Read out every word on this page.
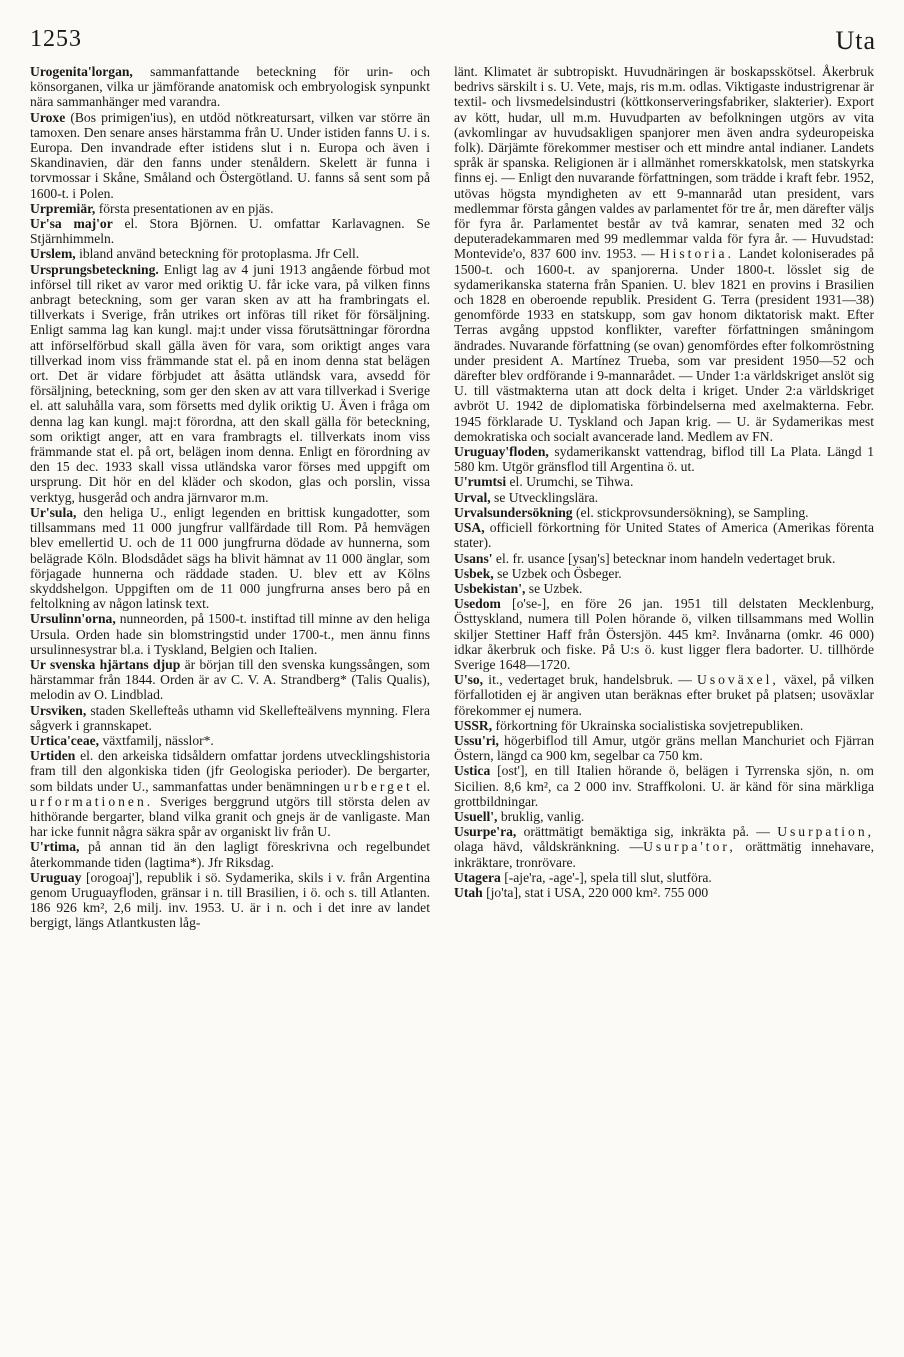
1253	Uta

Urogenita'lorgan, sammanfattande beteckning för urin- och könsorganen, vilka ur jämförande anatomisk och embryologisk synpunkt nära sammanhänger med varandra.

Uroxe (Bos primigen'ius), en utdöd nötkreatursart, vilken var större än tamoxen. Den senare anses härstamma från U. Under istiden fanns U. i s. Europa. Den invandrade efter istidens slut i n. Europa och även i Skandinavien, där den fanns under stenåldern. Skelett är funna i torvmossar i Skåne, Småland och Östergötland. U. fanns så sent som på 1600-t. i Polen.

Urpremiär, första presentationen av en pjäs.

Ur'sa maj'or el. Stora Björnen. U. omfattar Karlavagnen. Se Stjärnhimmeln.

Urslem, ibland använd beteckning för protoplasma. Jfr Cell.

Ursprungsbeteckning. Enligt lag av 4 juni 1913 angående förbud mot införsel till riket av varor med oriktig U. får icke vara, på vilken finns anbragt beteckning, som ger varan sken av att ha frambringats el. tillverkats i Sverige, från utrikes ort införas till riket för försäljning. Enligt samma lag kan kungl. maj:t under vissa förutsättningar förordna att införselförbud skall gälla även för vara, som oriktigt anges vara tillverkad inom viss främmande stat el. på en inom denna stat belägen ort. Det är vidare förbjudet att åsätta utländsk vara, avsedd för försäljning, beteckning, som ger den sken av att vara tillverkad i Sverige el. att saluhålla vara, som försetts med dylik oriktig U. Även i fråga om denna lag kan kungl. maj:t förordna, att den skall gälla för beteckning, som oriktigt anger, att en vara frambragts el. tillverkats inom viss främmande stat el. på ort, belägen inom denna. Enligt en förordning av den 15 dec. 1933 skall vissa utländska varor förses med uppgift om ursprung. Dit hör en del kläder och skodon, glas och porslin, vissa verktyg, husgeråd och andra järnvaror m.m.

Ur'sula, den heliga U., enligt legenden en brittisk kungadotter, som tillsammans med 11 000 jungfrur vallfärdade till Rom. På hemvägen blev emellertid U. och de 11 000 jungfrurna dödade av hunnerna, som belägrade Köln. Blodsdådet sägs ha blivit hämnat av 11 000 änglar, som förjagade hunnerna och räddade staden. U. blev ett av Kölns skyddshelgon. Uppgiften om de 11 000 jungfrurna anses bero på en feltolkning av någon latinsk text.

Ursulinn'orna, nunneorden, på 1500-t. instiftad till minne av den heliga Ursula. Orden hade sin blomstringstid under 1700-t., men ännu finns ursulinnesystrar bl.a. i Tyskland, Belgien och Italien.

Ur svenska hjärtans djup är början till den svenska kungssången, som härstammar från 1844. Orden är av C. V. A. Strandberg* (Talis Qualis), melodin av O. Lindblad.

Ursviken, staden Skellefteås uthamn vid Skellefteälvens mynning. Flera sågverk i grannskapet.

Urtica'ceae, växtfamilj, nässlor*.

Urtiden el. den arkeiska tidsåldern omfattar jordens utvecklingshistoria fram till den algonkiska tiden (jfr Geologiska perioder). De bergarter, som bildats under U., sammanfattas under benämningen urberget el. urformationen. Sveriges berggrund utgörs till största delen av hithörande bergarter, bland vilka granit och gnejs är de vanligaste. Man har icke funnit några säkra spår av organiskt liv från U.

U'rtima, på annan tid än den lagligt föreskrivna och regelbundet återkommande tiden (lagtima*). Jfr Riksdag.

Uruguay [orogoaj'], republik i sö. Sydamerika, skils i v. från Argentina genom Uruguayfloden, gränsar i n. till Brasilien, i ö. och s. till Atlanten. 186 926 km², 2,6 milj. inv. 1953. U. är i n. och i det inre av landet bergigt, längs Atlantkusten låg-

länt. Klimatet är subtropiskt. Huvudnäringen är boskapsskötsel. Åkerbruk bedrivs särskilt i s. U. Vete, majs, ris m.m. odlas. Viktigaste industrigrenar är textil- och livsmedelsindustri (köttkonserveringsfabriker, slakterier). Export av kött, hudar, ull m.m. Huvudparten av befolkningen utgörs av vita (avkomlingar av huvudsakligen spanjorer men även andra sydeuropeiska folk). Därjämte förekommer mestiser och ett mindre antal indianer. Landets språk är spanska. Religionen är i allmänhet romerskkatolsk, men statskyrka finns ej. — Enligt den nuvarande författningen, som trädde i kraft febr. 1952, utövas högsta myndigheten av ett 9-mannaråd utan president, vars medlemmar första gången valdes av parlamentet för tre år, men därefter väljs för fyra år. Parlamentet består av två kamrar, senaten med 32 och deputeradekammaren med 99 medlemmar valda för fyra år. — Huvudstad: Montevide'o, 837 600 inv. 1953. — Historia. Landet koloniserades på 1500-t. och 1600-t. av spanjorerna. Under 1800-t. lösslet sig de sydamerikanska staterna från Spanien. U. blev 1821 en provins i Brasilien och 1828 en oberoende republik. President G. Terra (president 1931—38) genomförde 1933 en statskupp, som gav honom diktatorisk makt. Efter Terras avgång uppstod konflikter, varefter författningen småningom ändrades. Nuvarande författning (se ovan) genomfördes efter folkomröstning under president A. Martínez Trueba, som var president 1950—52 och därefter blev ordförande i 9-mannarådet. — Under 1:a världskriget anslöt sig U. till västmakterna utan att dock delta i kriget. Under 2:a världskriget avbröt U. 1942 de diplomatiska förbindelserna med axelmakterna. Febr. 1945 förklarade U. Tyskland och Japan krig. — U. är Sydamerikas mest demokratiska och socialt avancerade land. Medlem av FN.

Uruguay'floden, sydamerikanskt vattendrag, biflod till La Plata. Längd 1 580 km. Utgör gränsflod till Argentina ö. ut.

U'rumtsi el. Urumchi, se Tihwa.

Urval, se Utvecklingslära.

Urvalsundersökning (el. stickprovsundersökning), se Sampling.

USA, officiell förkortning för United States of America (Amerikas förenta stater).

Usans' el. fr. usance [ysaŋ's] betecknar inom handeln vedertaget bruk.

Usbek, se Uzbek och Ösbeger.

Usbekistan', se Uzbek.

Usedom [o'se-], en före 26 jan. 1951 till delstaten Mecklenburg, Östtyskland, numera till Polen hörande ö, vilken tillsammans med Wollin skiljer Stettiner Haff från Östersjön. 445 km². Invånarna (omkr. 46 000) idkar åkerbruk och fiske. På U:s ö. kust ligger flera badorter. U. tillhörde Sverige 1648—1720.

U'so, it., vedertaget bruk, handelsbruk. — Usoväxel, växel, på vilken förfallotiden ej är angiven utan beräknas efter bruket på platsen; usoväxlar förekommer ej numera.

USSR, förkortning för Ukrainska socialistiska sovjetrepubliken.

Ussu'ri, högerbiflod till Amur, utgör gräns mellan Manchuriet och Fjärran Östern, längd ca 900 km, segelbar ca 750 km.

Ustica [ost'], en till Italien hörande ö, belägen i Tyrrenska sjön, n. om Sicilien. 8,6 km², ca 2 000 inv. Straffkoloni. U. är känd för sina märkliga grottbildningar.

Usuell', bruklig, vanlig.

Usurpe'ra, orättmätigt bemäktiga sig, inkräkta på. — Usurpation, olaga hävd, våldskränkning. —Usurpa'tor, orättmätig innehavare, inkräktare, tronrövare.

Utagera [-aje'ra, -age'-], spela till slut, slutföra.

Utah [jo'ta], stat i USA, 220 000 km². 755 000
